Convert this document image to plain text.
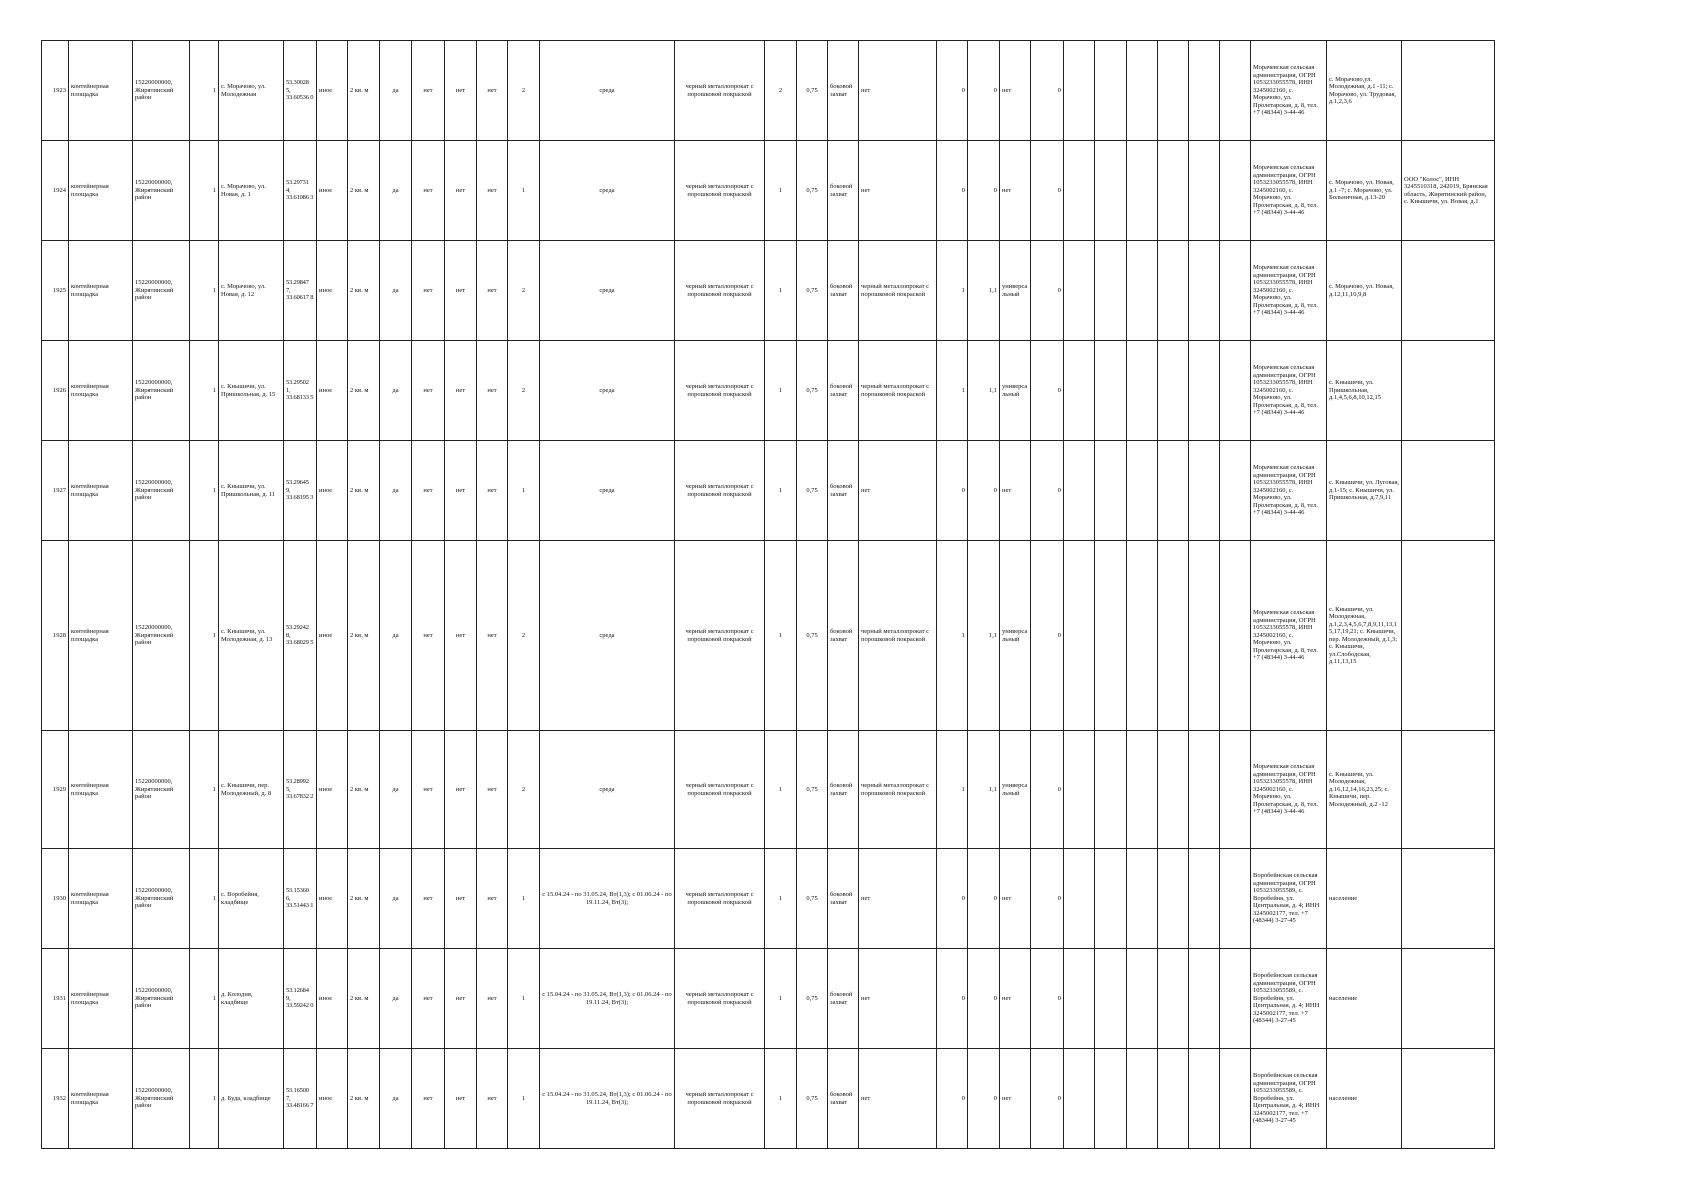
1923	контейнерная площадка	15220000000, Жирятинский район	1	с. Морачово, ул. Молодежная	53.30028 5, 33.60536 0	иное	2 кв. м	да	нет	нет	нет	2	среда	черный металлопрокат с порошковой покраской	2	0,75	боковой захват	нет	0	0	нет	0							Морачевская сельская администрация, ОГРН 1053233055578, ИНН 3245002160, с. Морачово, ул. Пролетарская, д. 8, тел. +7 (48344) 3-44-46	с. Морачово,ул. Молодежная, д.1 -11; с. Морачово, ул. Трудовая, д.1,2,3,6	
1924	контейнерная площадка	15220000000, Жирятинский район	1	с. Морачово, ул. Новая, д. 1	53.29731 4, 33.61086 3	иное	2 кв. м	да	нет	нет	нет	1	среда	черный металлопрокат с порошковой покраской	1	0,75	боковой захват	нет	0	0	нет	0							Морачевская сельская администрация, ОГРН 1053233055578, ИНН 3245002160, с. Морачово, ул. Пролетарская, д. 8, тел. +7 (48344) 3-44-46	с. Морачово, ул. Новая, д.1 -7; с. Морачово, ул. Больничная, д.13-20	ООО "Колос", ИНН 3245510318, 242019, Брянская область, Жирятинский район, с. Кнышичи, ул. Новая, д.1
1925	контейнерная площадка	15220000000, Жирятинский район	1	с. Морачово, ул. Новая, д. 12	53.29847 7, 33.60617 8	иное	2 кв. м	да	нет	нет	нет	2	среда	черный металлопрокат с порошковой покраской	1	0,75	боковой захват	черный металлопрокат с порошковой покраской	1	1,1	универсальный	0							Морачевская сельская администрация, ОГРН 1053233055578, ИНН 3245002160, с. Морачово, ул. Пролетарская, д. 8, тел. +7 (48344) 3-44-46	с. Морачово, ул. Новая, д.12,11,10,9,8	
1926	контейнерная площадка	15220000000, Жирятинский район	1	с. Кнышичи, ул. Пришкольная, д. 15	53.29502 1, 33.68133 5	иное	2 кв. м	да	нет	нет	нет	2	среда	черный металлопрокат с порошковой покраской	1	0,75	боковой захват	черный металлопрокат с порошковой покраской	1	1,1	универсальный	0							Морачевская сельская администрация, ОГРН 1053233055578, ИНН 3245002160, с. Морачово, ул. Пролетарская, д. 8, тел. +7 (48344) 3-44-46	с. Кнышичи, ул. Пришкольная, д.1,4,5,6,8,10,12,15	
1927	контейнерная площадка	15220000000, Жирятинский район	1	с. Кнышичи, ул. Пришкольная, д. 11	53.29645 9, 33.68195 3	иное	2 кв. м	да	нет	нет	нет	1	среда	черный металлопрокат с порошковой покраской	1	0,75	боковой захват	нет	0	0	нет	0							Морачевская сельская администрация, ОГРН 1053233055578, ИНН 3245002160, с. Морачово, ул. Пролетарская, д. 8, тел. +7 (48344) 3-44-46	с. Кнышичи, ул. Луговая, д.1-15; с. Кнышичи, ул. Пришкольная, д.7,9,11	
1928	контейнерная площадка	15220000000, Жирятинский район	1	с. Кнышичи, ул. Молодежная, д. 13	53.29242 8, 33.68029 5	иное	2 кв. м	да	нет	нет	нет	2	среда	черный металлопрокат с порошковой покраской	1	0,75	боковой захват	черный металлопрокат с порошковой покраской	1	1,1	универсальный	0							Морачевская сельская администрация, ОГРН 1053233055578, ИНН 3245002160, с. Морачово, ул. Пролетарская, д. 8, тел. +7 (48344) 3-44-46	с. Кнышичи, ул. Молодежная, д.1,2,3,4,5,6,7,8,9,11,13,15,17,19,21; с. Кнышичи, пер. Молодежный, д.1,3; с. Кнышичи, ул.Слободская, д.11,13,15	
1929	контейнерная площадка	15220000000, Жирятинский район	1	с. Кнышичи, пер. Молодежный, д. 8	53.28992 5, 33.67832 2	иное	2 кв. м	да	нет	нет	нет	2	среда	черный металлопрокат с порошковой покраской	1	0,75	боковой захват	черный металлопрокат с порошковой покраской	1	1,1	универсальный	0							Морачевская сельская администрация, ОГРН 1053233055578, ИНН 3245002160, с. Морачово, ул. Пролетарская, д. 8, тел. +7 (48344) 3-44-46	с. Кнышичи, ул. Молодежная, д.16,12,14,16,23,25; с. Кнышичи, пер. Молодежный, д.2 -12	
1930	контейнерная площадка	15220000000, Жирятинский район	1	с. Воробейня, кладбище	53.15360 6, 33.51443 1	иное	2 кв. м	да	нет	нет	нет	1	с 15.04.24 - по 31.05.24, Вт(1,3); с 01.06.24 - по 19.11.24, Вт(3);	черный металлопрокат с порошковой покраской	1	0,75	боковой захват	нет	0	0	нет	0							Воробейнская сельская администрация, ОГРН 1053233055589, с. Воробейня, ул. Центральная, д. 4; ИНН 3245002177, тел. +7 (48344) 3-27-45	население	
1931	контейнерная площадка	15220000000, Жирятинский район	1	д. Колодня, кладбище	53.12684 9, 33.59242 0	иное	2 кв. м	да	нет	нет	нет	1	с 15.04.24 - по 31.05.24, Вт(1,3); с 01.06.24 - по 19.11.24, Вт(3);	черный металлопрокат с порошковой покраской	1	0,75	боковой захват	нет	0	0	нет	0							Воробейнская сельская администрация, ОГРН 1053233055589, с. Воробейня, ул. Центральная, д. 4; ИНН 3245002177, тел. +7 (48344) 3-27-45	население	
1932	контейнерная площадка	15220000000, Жирятинский район	1	д. Буда, кладбище	53.16500 7, 33.48166 7	иное	2 кв. м	да	нет	нет	нет	1	с 15.04.24 - по 31.05.24, Вт(1,3); с 01.06.24 - по 19.11.24, Вт(3);	черный металлопрокат с порошковой покраской	1	0,75	боковой захват	нет	0	0	нет	0							Воробейнская сельская администрация, ОГРН 1053233055589, с. Воробейня, ул. Центральная, д. 4; ИНН 3245002177, тел. +7 (48344) 3-27-45	население	
